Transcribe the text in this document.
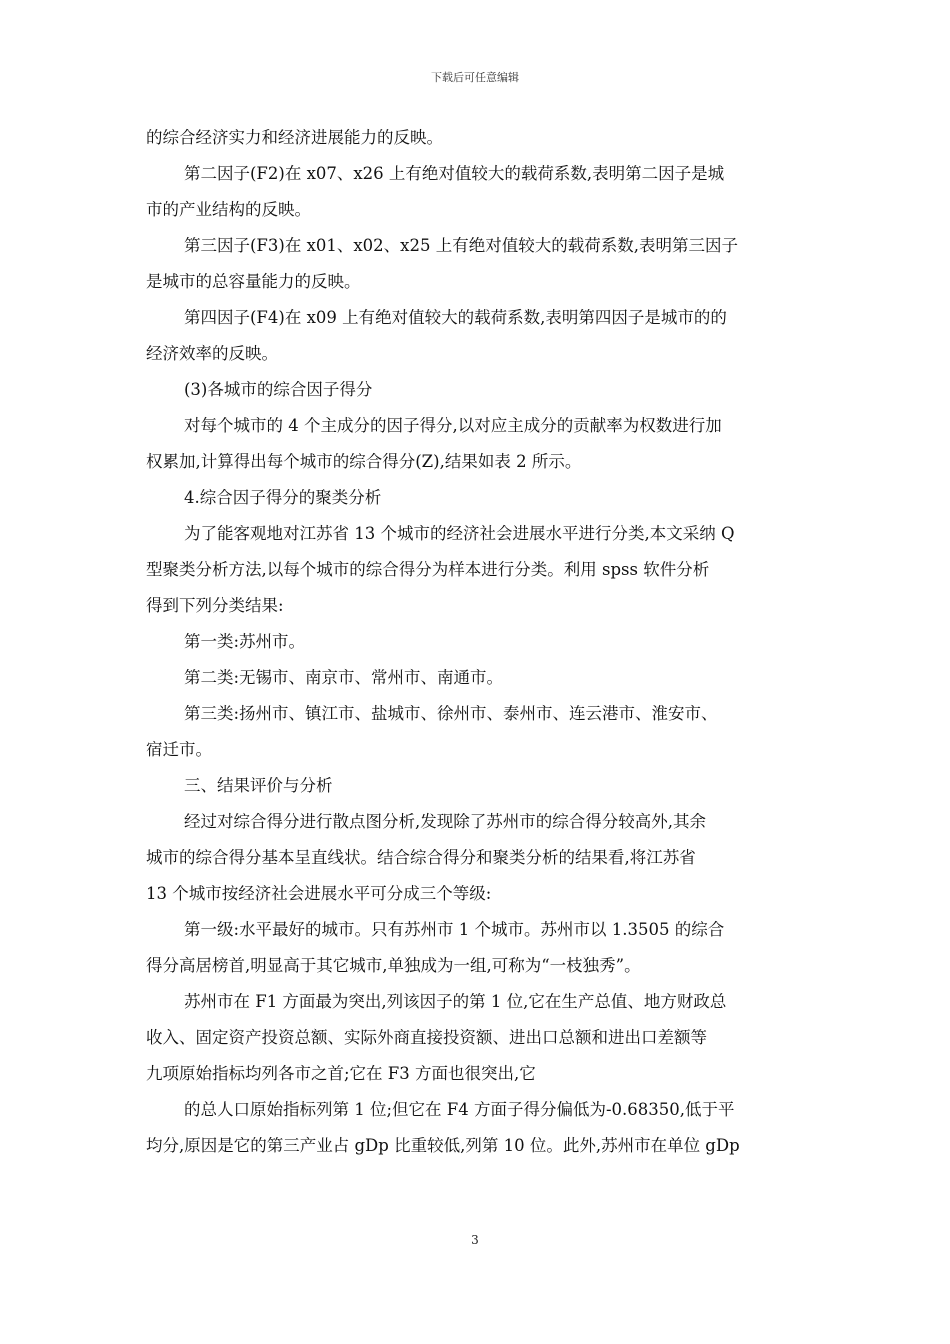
下载后可任意编辑
的综合经济实力和经济进展能力的反映。
第二因子(F2)在 x07、x26 上有绝对值较大的载荷系数,表明第二因子是城
市的产业结构的反映。
第三因子(F3)在 x01、x02、x25 上有绝对值较大的载荷系数,表明第三因子
是城市的总容量能力的反映。
第四因子(F4)在 x09 上有绝对值较大的载荷系数,表明第四因子是城市的的
经济效率的反映。
(3)各城市的综合因子得分
对每个城市的 4 个主成分的因子得分,以对应主成分的贡献率为权数进行加
权累加,计算得出每个城市的综合得分(Z),结果如表 2 所示。
4.综合因子得分的聚类分析
为了能客观地对江苏省 13 个城市的经济社会进展水平进行分类,本文采纳 Q
型聚类分析方法,以每个城市的综合得分为样本进行分类。利用 spss 软件分析
得到下列分类结果:
第一类:苏州市。
第二类:无锡市、南京市、常州市、南通市。
第三类:扬州市、镇江市、盐城市、徐州市、泰州市、连云港市、淮安市、
宿迁市。
三、结果评价与分析
经过对综合得分进行散点图分析,发现除了苏州市的综合得分较高外,其余
城市的综合得分基本呈直线状。结合综合得分和聚类分析的结果看,将江苏省
13 个城市按经济社会进展水平可分成三个等级:
第一级:水平最好的城市。只有苏州市 1 个城市。苏州市以 1.3505 的综合
得分高居榜首,明显高于其它城市,单独成为一组,可称为“一枝独秀”。
苏州市在 F1 方面最为突出,列该因子的第 1 位,它在生产总值、地方财政总
收入、固定资产投资总额、实际外商直接投资额、进出口总额和进出口差额等
九项原始指标均列各市之首;它在 F3 方面也很突出,它
的总人口原始指标列第 1 位;但它在 F4 方面子得分偏低为-0.68350,低于平
均分,原因是它的第三产业占 gDp 比重较低,列第 10 位。此外,苏州市在单位 gDp
3
